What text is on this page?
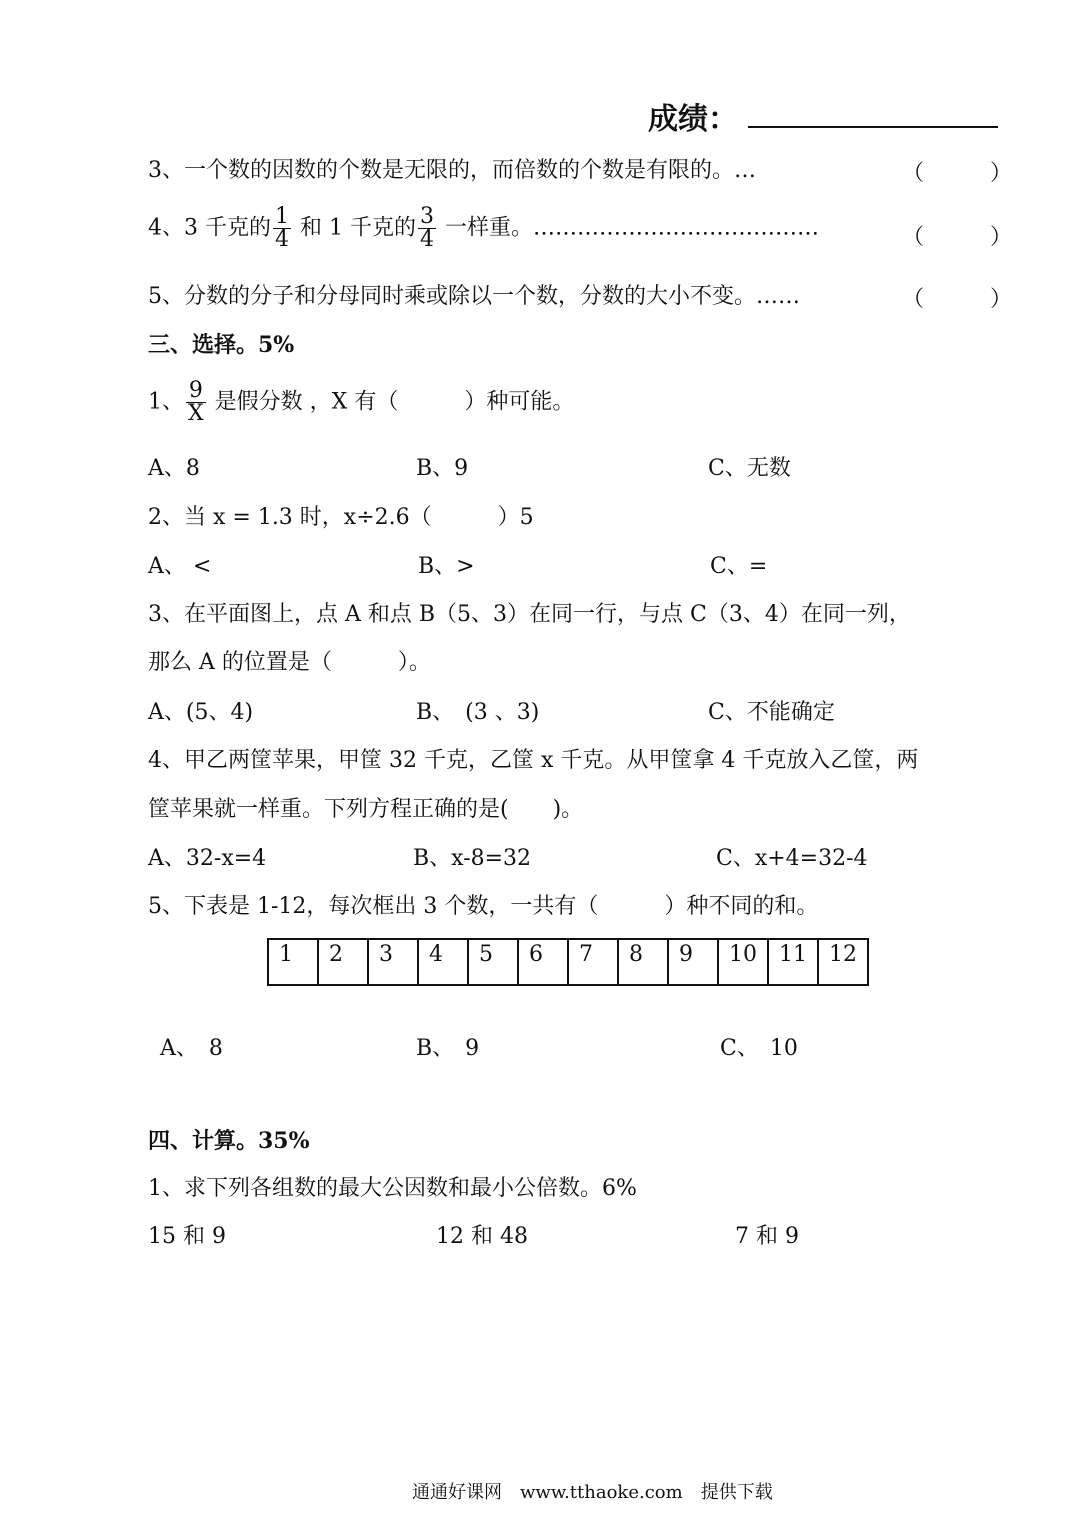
成绩：
3、一个数的因数的个数是无限的，而倍数的个数是有限的。…	（　　　）
4、3 千克的 $\frac{1}{4}$ 和 1 千克的 $\frac{3}{4}$ 一样重。…………………………………	（　　　）
5、分数的分子和分母同时乘或除以一个数，分数的大小不变。……	（　　　）
三、选择。5%
1、 $\frac{9}{X}$ 是假分数 ，X 有（　　　）种可能。
A、8	B、9	C、无数
2、当 x = 1.3 时，x÷2.6（　　　）5
A、 <	B、>	C、=
3、在平面图上，点 A 和点 B（5、3）在同一行，与点 C（3、4）在同一列，
那么 A 的位置是（　　　）。
A、(5、4)	B、　(3 、3)	C、不能确定
4、甲乙两筐苹果，甲筐 32 千克，乙筐 x 千克。从甲筐拿 4 千克放入乙筐，两
筐苹果就一样重。下列方程正确的是(　　)。
A、32-x=4	B、x-8=32	C、x+4=32-4
5、下表是 1-12，每次框出 3 个数，一共有（　　　）种不同的和。
1	2	3	4	5	6	7	8	9	10	11	12
A、　8	B、　9	C、　10
四、计算。35%
1、求下列各组数的最大公因数和最小公倍数。6%
15 和 9	12 和 48	7 和 9
通通好课网　www.tthaoke.com　提供下载
